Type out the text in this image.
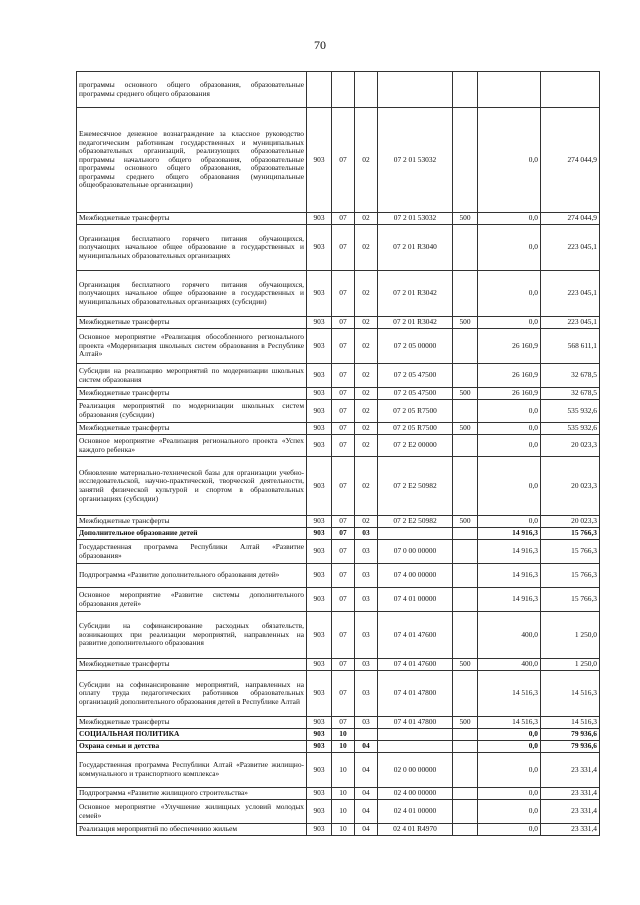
70
программы основного общего образования, образовательные программы среднего общего образования							
Ежемесячное денежное вознаграждение за классное руководство педагогическим работникам государственных и муниципальных образовательных организаций, реализующих образовательные программы начального общего образования, образовательные программы основного общего образования, образовательные программы среднего общего образования (муниципальные общеобразовательные организации)	903	07	02	07 2 01 53032		0,0	274 044,9
Межбюджетные трансферты	903	07	02	07 2 01 53032	500	0,0	274 044,9
Организация бесплатного горячего питания обучающихся, получающих начальное общее образование в государственных и муниципальных образовательных организациях	903	07	02	07 2 01 R3040		0,0	223 045,1
Организация бесплатного горячего питания обучающихся, получающих начальное общее образование в государственных и муниципальных образовательных организациях (субсидии)	903	07	02	07 2 01 R3042		0,0	223 045,1
Межбюджетные трансферты	903	07	02	07 2 01 R3042	500	0,0	223 045,1
Основное мероприятие «Реализация обособленного регионального проекта «Модернизация школьных систем образования в Республике Алтай»	903	07	02	07 2 05 00000		26 160,9	568 611,1
Субсидии на реализацию мероприятий по модернизации школьных систем образования	903	07	02	07 2 05 47500		26 160,9	32 678,5
Межбюджетные трансферты	903	07	02	07 2 05 47500	500	26 160,9	32 678,5
Реализация мероприятий по модернизации школьных систем образования (субсидии)	903	07	02	07 2 05 R7500		0,0	535 932,6
Межбюджетные трансферты	903	07	02	07 2 05 R7500	500	0,0	535 932,6
Основное мероприятие «Реализация регионального проекта «Успех каждого ребенка»	903	07	02	07 2 E2 00000		0,0	20 023,3
Обновление материально-технической базы для организации учебно-исследовательской, научно-практической, творческой деятельности, занятий физической культурой и спортом в образовательных организациях (субсидии)	903	07	02	07 2 E2 50982		0,0	20 023,3
Межбюджетные трансферты	903	07	02	07 2 E2 50982	500	0,0	20 023,3
Дополнительное образование детей	903	07	03			14 916,3	15 766,3
Государственная программа Республики Алтай «Развитие образования»	903	07	03	07 0 00 00000		14 916,3	15 766,3
Подпрограмма «Развитие дополнительного образования детей»	903	07	03	07 4 00 00000		14 916,3	15 766,3
Основное мероприятие «Развитие системы дополнительного образования детей»	903	07	03	07 4 01 00000		14 916,3	15 766,3
Субсидии на софинансирование расходных обязательств, возникающих при реализации мероприятий, направленных на развитие дополнительного образования	903	07	03	07 4 01 47600		400,0	1 250,0
Межбюджетные трансферты	903	07	03	07 4 01 47600	500	400,0	1 250,0
Субсидии на софинансирование мероприятий, направленных на оплату труда педагогических работников образовательных организаций дополнительного образования детей в Республике Алтай	903	07	03	07 4 01 47800		14 516,3	14 516,3
Межбюджетные трансферты	903	07	03	07 4 01 47800	500	14 516,3	14 516,3
СОЦИАЛЬНАЯ ПОЛИТИКА	903	10				0,0	79 936,6
Охрана семьи и детства	903	10	04			0,0	79 936,6
Государственная программа Республики Алтай «Развитие жилищно-коммунального и транспортного комплекса»	903	10	04	02 0 00 00000		0,0	23 331,4
Подпрограмма «Развитие жилищного строительства»	903	10	04	02 4 00 00000		0,0	23 331,4
Основное мероприятие «Улучшение жилищных условий молодых семей»	903	10	04	02 4 01 00000		0,0	23 331,4
Реализация мероприятий по обеспечению жильем	903	10	04	02 4 01 R4970		0,0	23 331,4
